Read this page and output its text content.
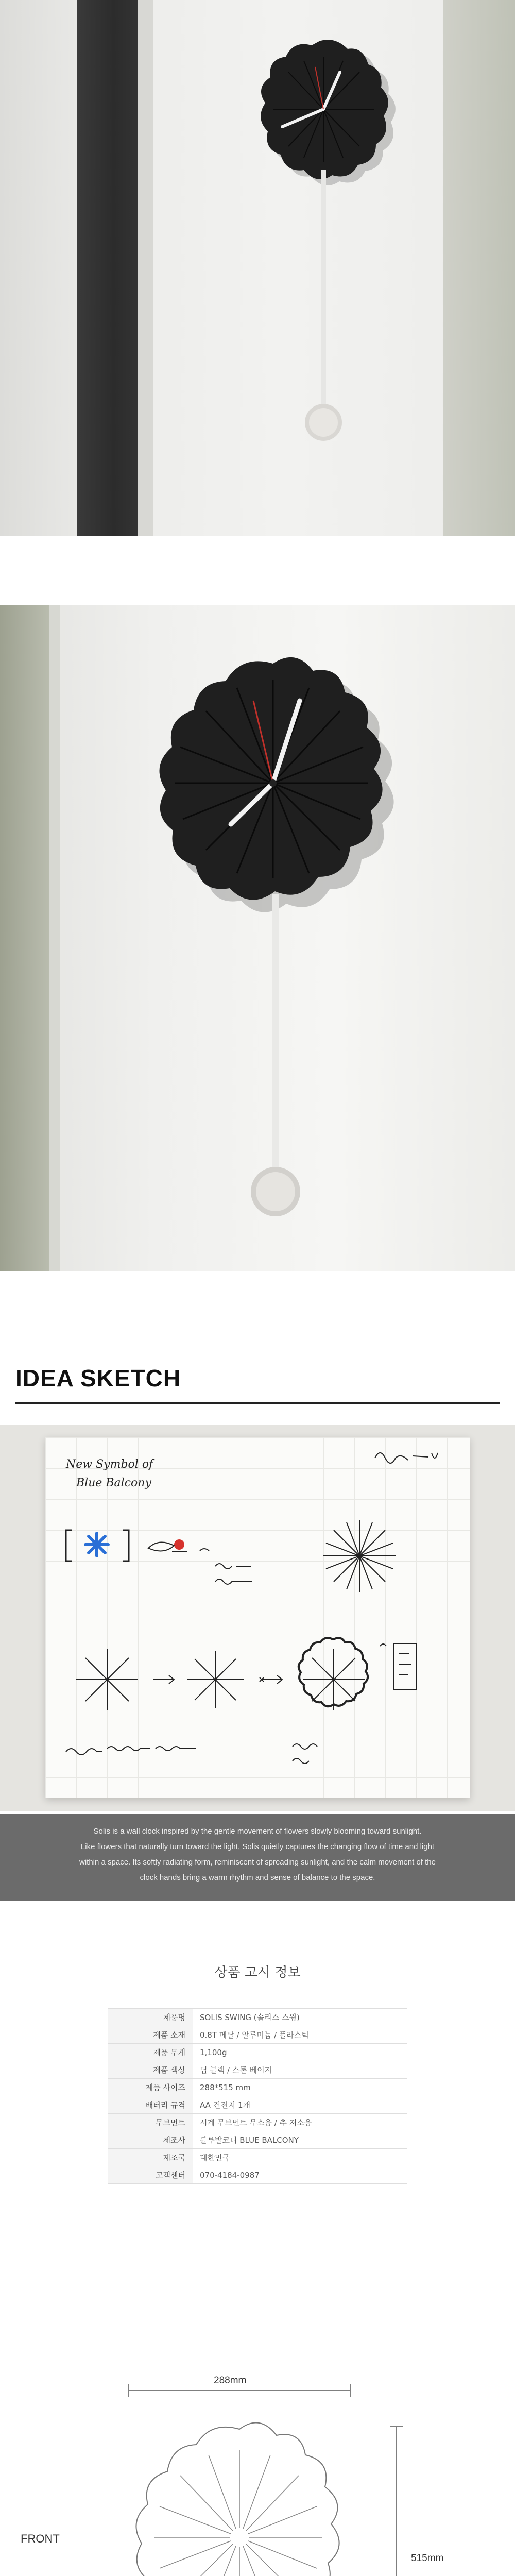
IDEA SKETCH
New Symbol of
Blue Balcony
Solis is a wall clock inspired by the gentle movement of flowers slowly blooming toward sunlight.
Like flowers that naturally turn toward the light, Solis quietly captures the changing flow of time and light
within a space. Its softly radiating form, reminiscent of spreading sunlight, and the calm movement of the
clock hands bring a warm rhythm and sense of balance to the space.
상품 고시 정보
제품명	SOLIS SWING (솔리스 스윙)
제품 소재	0.8T 메탈 / 알루미늄 / 플라스틱
제품 무게	1,100g
제품 색상	딥 블랙 / 스톤 베이지
제품 사이즈	288*515 mm
배터리 규격	AA 건전지 1개
무브먼트	시계 무브먼트 무소음 / 추 저소음
제조사	블루발코니 BLUE BALCONY
제조국	대한민국
고객센터	070-4184-0987
288mm
515mm
FRONT
